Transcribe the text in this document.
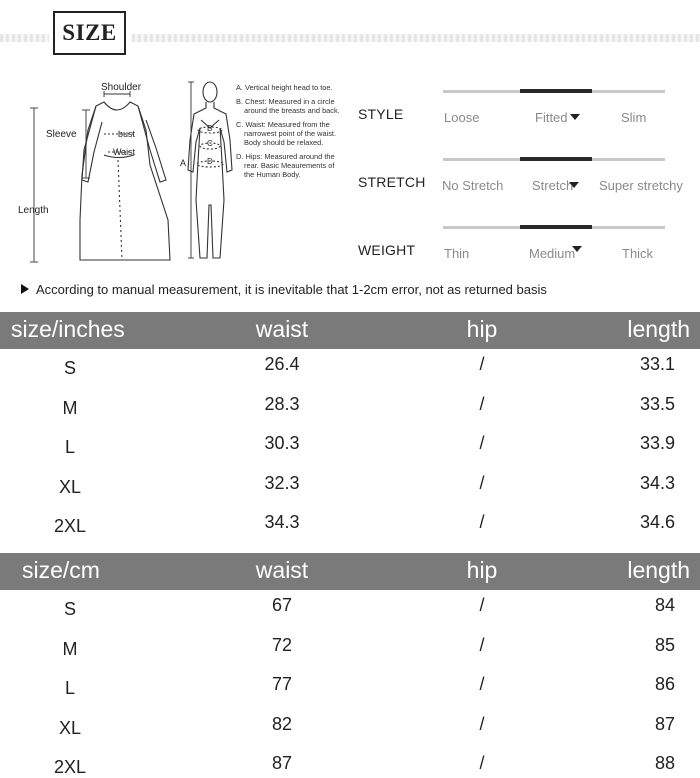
SIZE
Shoulder
Sleeve	bust
Waist
Length
A
B
C
D
A. Vertical height head to toe.
B. Chest: Measured in a circle around the breasts and back.
C. Waist: Measured from the narrowest point of the waist. Body should be relaxed.
D. Hips: Measured around the rear. Basic Meaurements of the Human Body.
STYLE	Loose	Fitted	Slim
STRETCH No Stretch Stretch	Super stretchy
WEIGHT Thin	Medium	Thick
According to manual measurement, it is inevitable that 1-2cm error, not as returned basis
size/inches	waist	hip	length
S	26.4	/	33.1
M	28.3	/	33.5
L	30.3	/	33.9
XL	32.3	/	34.3
2XL	34.3	/	34.6
size/cm	waist	hip	length
S	67	/	84
M	72	/	85
L	77	/	86
XL	82	/	87
2XL	87	/	88
